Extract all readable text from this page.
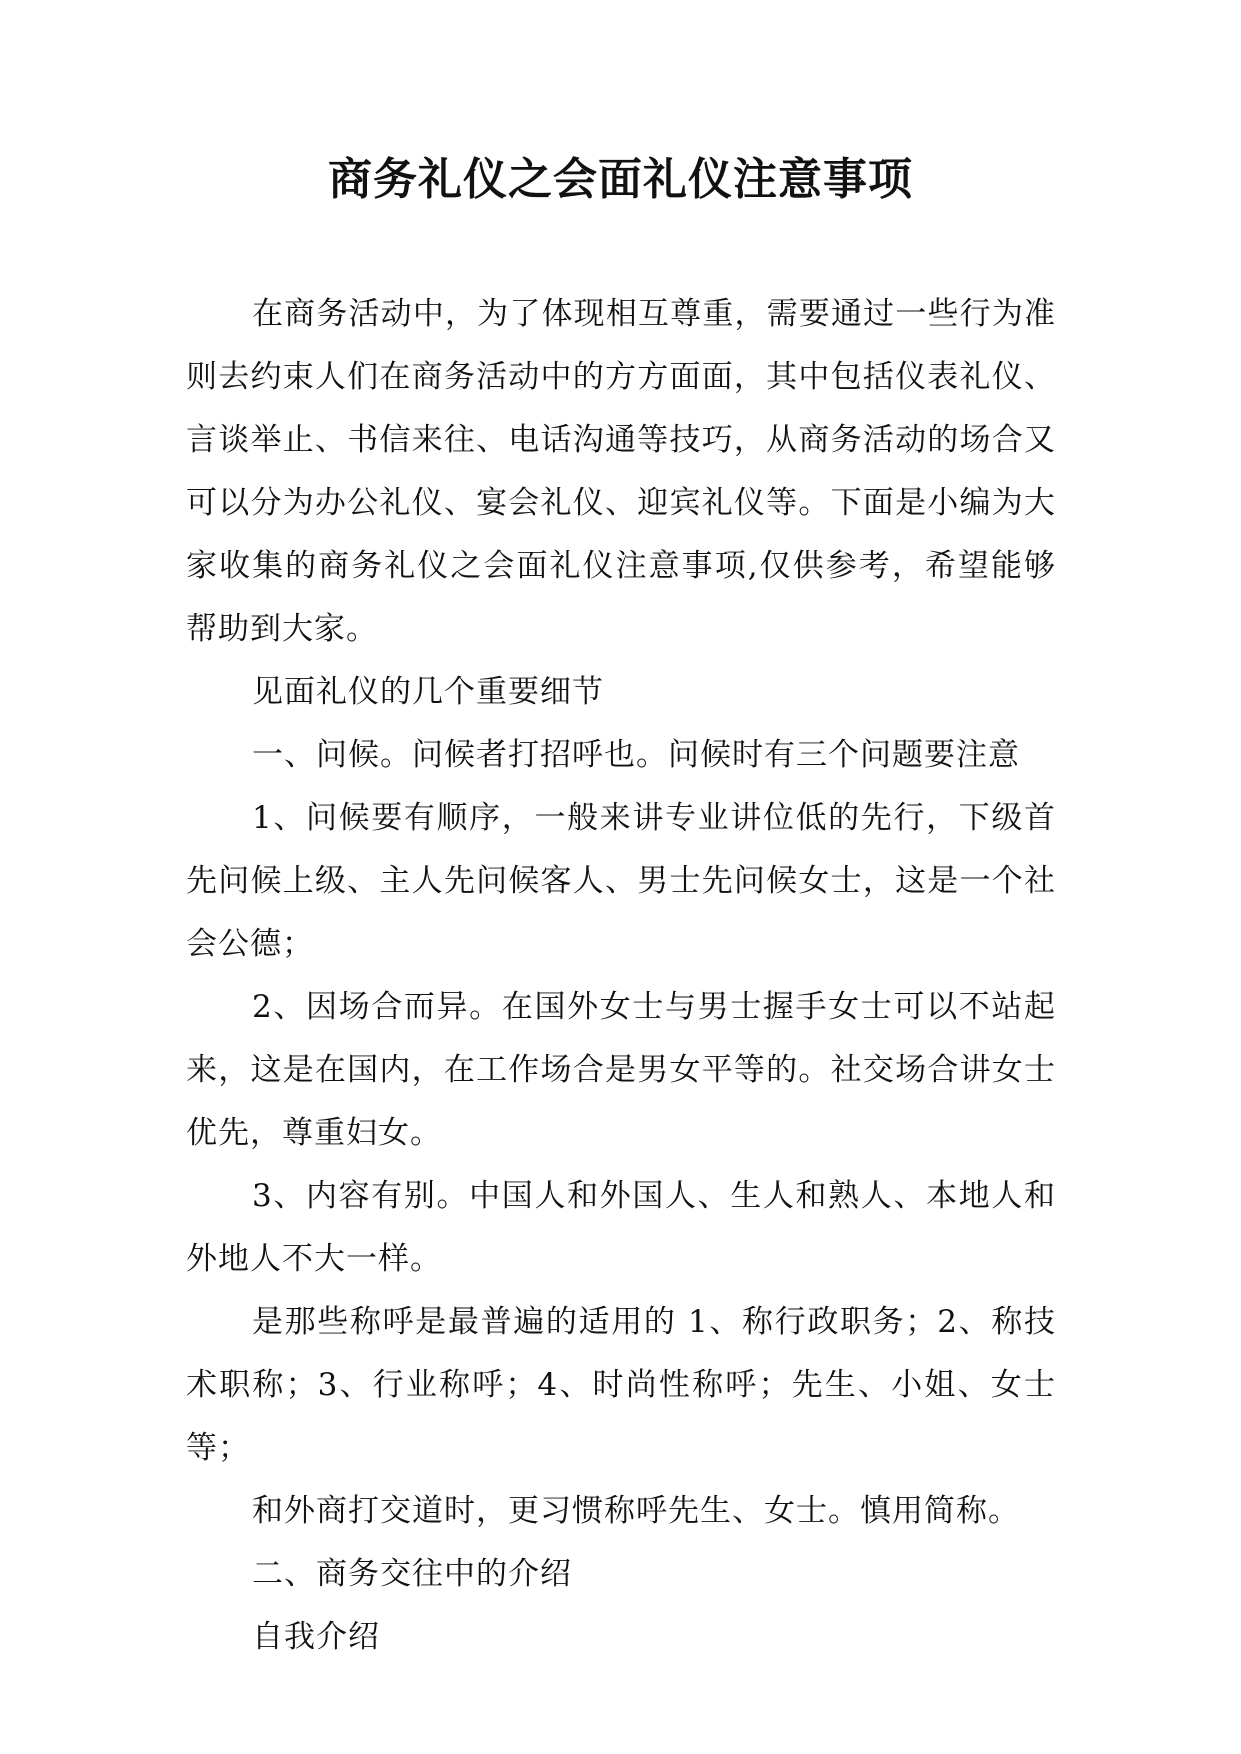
商务礼仪之会面礼仪注意事项

在商务活动中，为了体现相互尊重，需要通过一些行为准则去约束人们在商务活动中的方方面面，其中包括仪表礼仪、言谈举止、书信来往、电话沟通等技巧，从商务活动的场合又可以分为办公礼仪、宴会礼仪、迎宾礼仪等。下面是小编为大家收集的商务礼仪之会面礼仪注意事项,仅供参考，希望能够帮助到大家。

见面礼仪的几个重要细节

一、问候。问候者打招呼也。问候时有三个问题要注意

1、问候要有顺序，一般来讲专业讲位低的先行，下级首先问候上级、主人先问候客人、男士先问候女士，这是一个社会公德；

2、因场合而异。在国外女士与男士握手女士可以不站起来，这是在国内，在工作场合是男女平等的。社交场合讲女士优先，尊重妇女。

3、内容有别。中国人和外国人、生人和熟人、本地人和外地人不大一样。

是那些称呼是最普遍的适用的 1、称行政职务；2、称技术职称；3、行业称呼；4、时尚性称呼；先生、小姐、女士等；

和外商打交道时，更习惯称呼先生、女士。慎用简称。

二、商务交往中的介绍

自我介绍
